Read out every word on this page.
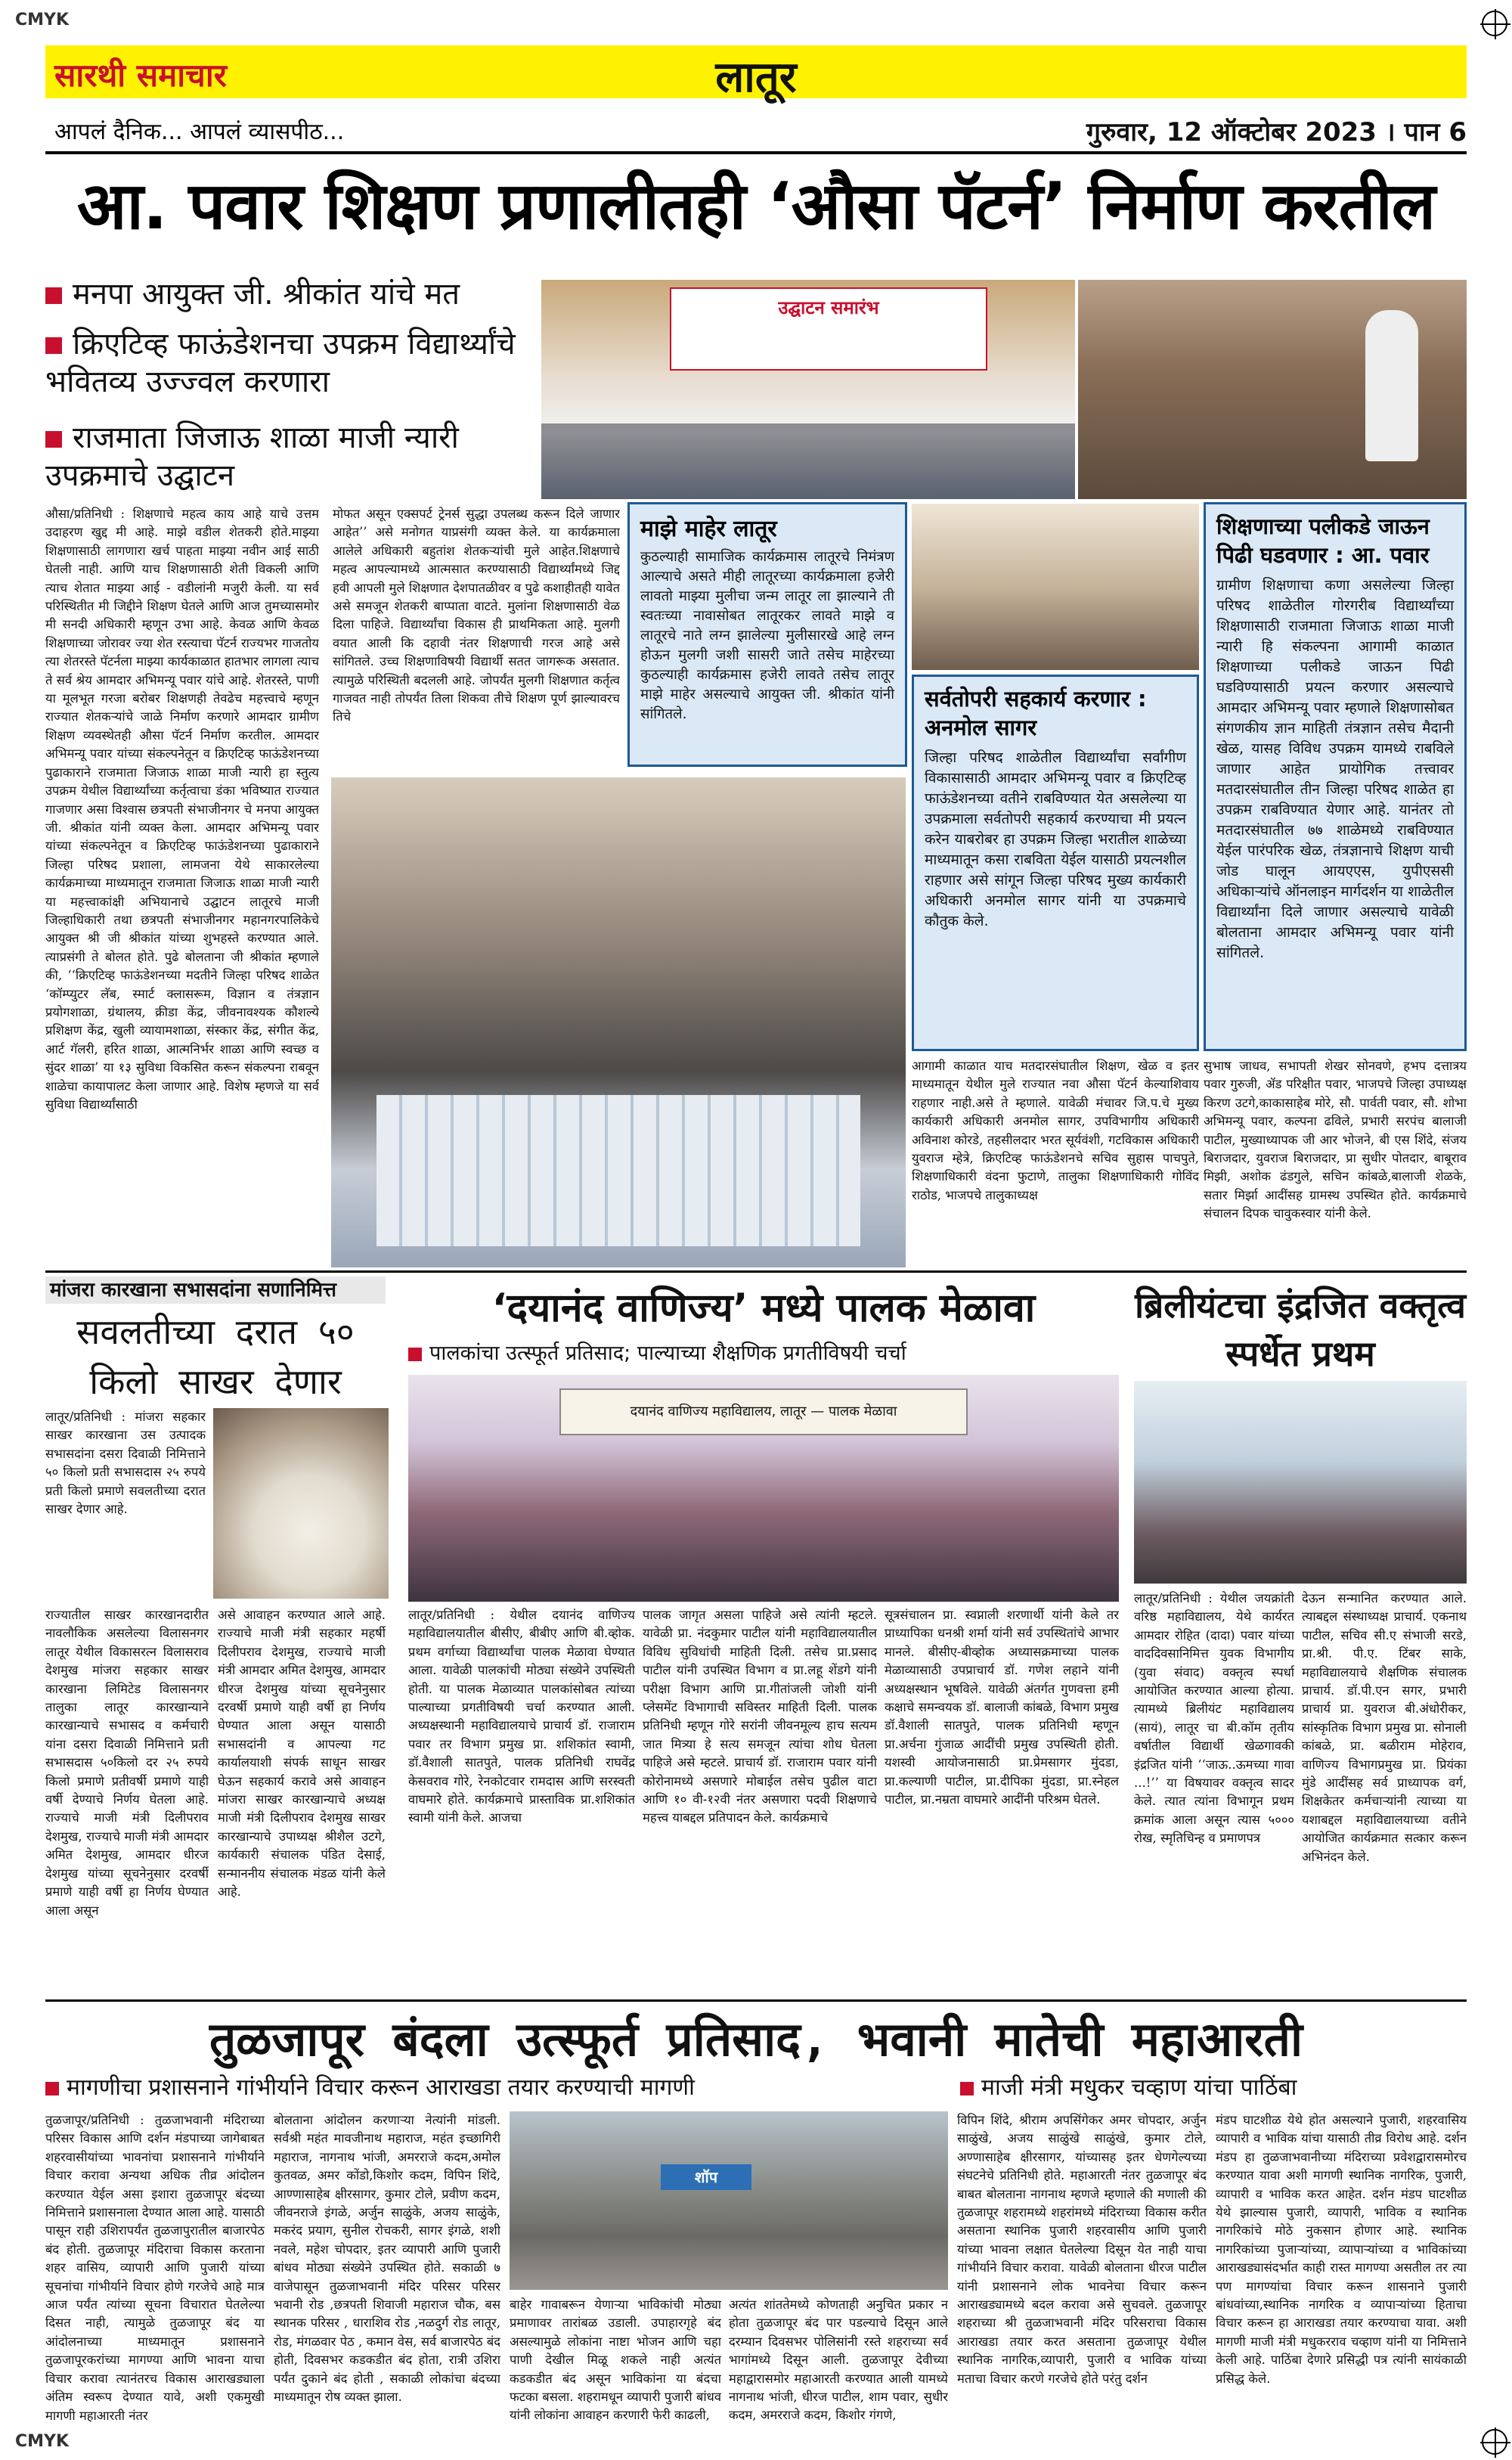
CMYK
CMYK
सारथी समाचार	लातूर
आपलं दैनिक... आपलं व्यासपीठ...	गुरुवार, 12 ऑक्टोबर 2023 । पान 6
आ. पवार शिक्षण प्रणालीतही ‘औसा पॅटर्न’ निर्माण करतील
मनपा आयुक्त जी. श्रीकांत यांचे मत
क्रिएटिव्ह फाऊंडेशनचा उपक्रम विद्यार्थ्यांचे भवितव्य उज्ज्वल करणारा
राजमाता जिजाऊ शाळा माजी न्यारी उपक्रमाचे उद्घाटन
उद्घाटन समारंभ
औसा/प्रतिनिधी : शिक्षणाचे महत्व काय आहे याचे उत्तम उदाहरण खुद्द मी आहे. माझे वडील शेतकरी होते.माझ्या शिक्षणासाठी लागणारा खर्च पाहता माझ्या नवीन आई साठी घेतली नाही. आणि याच शिक्षणासाठी शेती विकली आणि त्याच शेतात माझ्या आई - वडीलांनी मजुरी केली. या सर्व परिस्थितीत मी जिद्दीने शिक्षण घेतले आणि आज तुमच्यासमोर मी सनदी अधिकारी म्हणून उभा आहे. केवळ आणि केवळ शिक्षणाच्या जोरावर ज्या शेत रस्त्याचा पॅटर्न राज्यभर गाजतोय त्या शेतरस्ते पॅटर्नला माझ्या कार्यकाळात हातभार लागला त्याच ते सर्व श्रेय आमदार अभिमन्यू पवार यांचे आहे. शेतरस्ते, पाणी या मूलभूत गरजा बरोबर शिक्षणही तेवढेच महत्त्वाचे म्हणून राज्यात शेतकऱ्यांचे जाळे निर्माण करणारे आमदार ग्रामीण शिक्षण व्यवस्थेतही औसा पॅटर्न निर्माण करतील. आमदार अभिमन्यू पवार यांच्या संकल्पनेतून व क्रिएटिव्ह फाऊंडेशनच्या पुढाकाराने राजमाता जिजाऊ शाळा माजी न्यारी हा स्तुत्य उपक्रम येथील विद्यार्थ्यांच्या कर्तृत्वाचा डंका भविष्यात राज्यात गाजणार असा विश्वास छत्रपती संभाजीनगर चे मनपा आयुक्त जी. श्रीकांत यांनी व्यक्त केला. आमदार अभिमन्यू पवार यांच्या संकल्पनेतून व क्रिएटिव्ह फाऊंडेशनच्या पुढाकाराने जिल्हा परिषद प्रशाला, लामजना येथे साकारलेल्या कार्यक्रमाच्या माध्यमातून राजमाता जिजाऊ शाळा माजी न्यारी या महत्त्वाकांक्षी अभियानाचे उद्घाटन लातूरचे माजी जिल्हाधिकारी तथा छत्रपती संभाजीनगर महानगरपालिकेचे आयुक्त श्री जी श्रीकांत यांच्या शुभहस्ते करण्यात आले. त्याप्रसंगी ते बोलत होते. पुढे बोलताना जी श्रीकांत म्हणाले की, ‘‘क्रिएटिव्ह फाऊंडेशनच्या मदतीने जिल्हा परिषद शाळेत ‘कॉम्प्युटर लॅब, स्मार्ट क्लासरूम, विज्ञान व तंत्रज्ञान प्रयोगशाळा, ग्रंथालय, क्रीडा केंद्र, जीवनावश्यक कौशल्ये प्रशिक्षण केंद्र, खुली व्यायामशाळा, संस्कार केंद्र, संगीत केंद्र, आर्ट गॅलरी, हरित शाळा, आत्मनिर्भर शाळा आणि स्वच्छ व सुंदर शाळा’ या १३ सुविधा विकसित करून संकल्पना राबवून शाळेचा कायापालट केला जाणार आहे. विशेष म्हणजे या सर्व सुविधा विद्यार्थ्यांसाठी
मोफत असून एक्सपर्ट ट्रेनर्स सुद्धा उपलब्ध करून दिले जाणार आहेत’’ असे मनोगत याप्रसंगी व्यक्त केले. या कार्यक्रमाला आलेले अधिकारी बहुतांश शेतकऱ्यांची मुले आहेत.शिक्षणाचे महत्व आपल्यामध्ये आत्मसात करण्यासाठी विद्यार्थ्यांमध्ये जिद्द हवी आपली मुले शिक्षणात देशपातळीवर व पुढे कशाहीतही यावेत असे समजून शेतकरी बाप्पाता वाटते. मुलांना शिक्षणासाठी वेळ दिला पाहिजे. विद्यार्थ्यांचा विकास ही प्राथमिकता आहे. मुलगी वयात आली कि दहावी नंतर शिक्षणाची गरज आहे असे सांगितले. उच्च शिक्षणाविषयी विद्यार्थी सतत जागरूक असतात. त्यामुळे परिस्थिती बदलली आहे. जोपर्यंत मुलगी शिक्षणात कर्तृत्व गाजवत नाही तोपर्यंत तिला शिकवा तीचे शिक्षण पूर्ण झाल्यावरच तिचे
माझे माहेर लातूर
कुठल्याही सामाजिक कार्यक्रमास लातूरचे निमंत्रण आल्याचे असते मीही लातूरच्या कार्यक्रमाला हजेरी लावतो माझ्या मुलीचा जन्म लातूर ला झाल्याने ती स्वतःच्या नावासोबत लातूरकर लावते माझे व लातूरचे नाते लग्न झालेल्या मुलीसारखे आहे लग्न होऊन मुलगी जशी सासरी जाते तसेच माहेरच्या कुठल्याही कार्यक्रमास हजेरी लावते तसेच लातूर माझे माहेर असल्याचे आयुक्त जी. श्रीकांत यांनी सांगितले.
सर्वतोपरी सहकार्य करणार : अनमोल सागर
जिल्हा परिषद शाळेतील विद्यार्थ्यांचा सर्वांगीण विकासासाठी आमदार अभिमन्यू पवार व क्रिएटिव्ह फाऊंडेशनच्या वतीने राबविण्यात येत असलेल्या या उपक्रमाला सर्वतोपरी सहकार्य करण्याचा मी प्रयत्न करेन याबरोबर हा उपक्रम जिल्हा भरातील शाळेच्या माध्यमातून कसा राबविता येईल यासाठी प्रयत्नशील राहणार असे सांगून जिल्हा परिषद मुख्य कार्यकारी अधिकारी अनमोल सागर यांनी या उपक्रमाचे कौतुक केले.
शिक्षणाच्या पलीकडे जाऊन पिढी घडवणार : आ. पवार
ग्रामीण शिक्षणाचा कणा असलेल्या जिल्हा परिषद शाळेतील गोरगरीब विद्यार्थ्यांच्या शिक्षणासाठी राजमाता जिजाऊ शाळा माजी न्यारी हि संकल्पना आगामी काळात शिक्षणाच्या पलीकडे जाऊन पिढी घडविण्यासाठी प्रयत्न करणार असल्याचे आमदार अभिमन्यू पवार म्हणाले शिक्षणासोबत संगणकीय ज्ञान माहिती तंत्रज्ञान तसेच मैदानी खेळ, यासह विविध उपक्रम यामध्ये राबविले जाणार आहेत प्रायोगिक तत्त्वावर मतदारसंघातील तीन जिल्हा परिषद शाळेत हा उपक्रम राबविण्यात येणार आहे. यानंतर तो मतदारसंघातील ७७ शाळेमध्ये राबविण्यात येईल पारंपरिक खेळ, तंत्रज्ञानाचे शिक्षण याची जोड घालून आयएएस, युपीएससी अधिकाऱ्यांचे ऑनलाइन मार्गदर्शन या शाळेतील विद्यार्थ्यांना दिले जाणार असल्याचे यावेळी बोलताना आमदार अभिमन्यू पवार यांनी सांगितले.
आगामी काळात याच मतदारसंघातील शिक्षण, खेळ व इतर माध्यमातून येथील मुले राज्यात नवा औसा पॅटर्न केल्याशिवाय राहणार नाही.असे ते म्हणाले. यावेळी मंचावर जि.प.चे मुख्य कार्यकारी अधिकारी अनमोल सागर, उपविभागीय अधिकारी अविनाश कोरडे, तहसीलदार भरत सूर्यवंशी, गटविकास अधिकारी युवराज म्हेत्रे, क्रिएटिव्ह फाऊंडेशनचे सचिव सुहास पाचपुते, शिक्षणाधिकारी वंदना फुटाणे, तालुका शिक्षणाधिकारी गोविंद राठोड, भाजपचे तालुकाध्यक्ष
सुभाष जाधव, सभापती शेखर सोनवणे, हभप दत्तात्रय पवार गुरुजी, ॲड परिक्षीत पवार, भाजपचे जिल्हा उपाध्यक्ष किरण उटगे,काकासाहेब मोरे, सौ. पार्वती पवार, सौ. शोभा अभिमन्यू पवार, कल्पना ढविले, प्रभारी सरपंच बालाजी पाटील, मुख्याध्यापक जी आर भोजने, बी एस शिंदे, संजय बिराजदार, युवराज बिराजदार, प्रा सुधीर पोतदार, बाबूराव मिझी, अशोक ढंडगुले, सचिन कांबळे,बालाजी शेळके, सतार मिर्झा आदींसह ग्रामस्थ उपस्थित होते. कार्यक्रमाचे संचालन दिपक चावुकस्वार यांनी केले.
मांजरा कारखाना सभासदांना सणानिमित्त
सवलतीच्या दरात ५० किलो साखर देणार
लातूर/प्रतिनिधी : मांजरा सहकार साखर कारखाना उस उत्पादक सभासदांना दसरा दिवाळी निमित्ताने ५० किलो प्रती सभासदास २५ रुपये प्रती किलो प्रमाणे सवलतीच्या दरात साखर देणार आहे.
राज्यातील साखर कारखानदारीत नावलौकिक असलेल्या विलासनगर लातूर येथील विकासरत्न विलासराव देशमुख मांजरा सहकार साखर कारखाना लिमिटेड विलासनगर तालुका लातूर कारखान्याने कारखान्याचे सभासद व कर्मचारी यांना दसरा दिवाळी निमित्ताने प्रती सभासदास ५०किलो दर २५ रुपये किलो प्रमाणे प्रतीवर्षी प्रमाणे याही वर्षी देण्याचे निर्णय घेतला आहे. राज्याचे माजी मंत्री दिलीपराव देशमुख, राज्याचे माजी मंत्री आमदार अमित देशमुख, आमदार धीरज देशमुख यांच्या सूचनेनुसार दरवर्षी प्रमाणे याही वर्षी हा निर्णय घेण्यात आला असून
असे आवाहन करण्यात आले आहे. राज्याचे माजी मंत्री सहकार महर्षी दिलीपराव देशमुख, राज्याचे माजी मंत्री आमदार अमित देशमुख, आमदार धीरज देशमुख यांच्या सूचनेनुसार दरवर्षी प्रमाणे याही वर्षी हा निर्णय घेण्यात आला असून यासाठी सभासदांनी व आपल्या गट कार्यालयाशी संपर्क साधून साखर घेऊन सहकार्य करावे असे आवाहन मांजरा साखर कारखान्याचे अध्यक्ष माजी मंत्री दिलीपराव देशमुख साखर कारखान्याचे उपाध्यक्ष श्रीशैल उटगे, कार्यकारी संचालक पंडित देसाई, सन्माननीय संचालक मंडळ यांनी केले आहे.
‘दयानंद वाणिज्य’ मध्ये पालक मेळावा
पालकांचा उत्स्फूर्त प्रतिसाद; पाल्याच्या शैक्षणिक प्रगतीविषयी चर्चा
दयानंद वाणिज्य महाविद्यालय, लातूर — पालक मेळावा
लातूर/प्रतिनिधी : येथील दयानंद वाणिज्य महाविद्यालयातील बीसीए, बीबीए आणि बी.व्होक. प्रथम वर्गाच्या विद्यार्थ्यांचा पालक मेळावा घेण्यात आला. यावेळी पालकांची मोठ्या संख्येने उपस्थिती होती. या पालक मेळाव्यात पालकांसोबत त्यांच्या पाल्याच्या प्रगतीविषयी चर्चा करण्यात आली. अध्यक्षस्थानी महाविद्यालयाचे प्राचार्य डॉ. राजाराम पवार तर विभाग प्रमुख प्रा. शशिकांत स्वामी, डॉ.वैशाली सातपुते, पालक प्रतिनिधी राघवेंद्र केसवराव गोरे, रेनकोटवार रामदास आणि सरस्वती वाघमारे होते. कार्यक्रमाचे प्रास्ताविक प्रा.शशिकांत स्वामी यांनी केले. आजचा
पालक जागृत असला पाहिजे असे त्यांनी म्हटले. यावेळी प्रा. नंदकुमार पाटील यांनी महाविद्यालयातील विविध सुविधांची माहिती दिली. तसेच प्रा.प्रसाद पाटील यांनी उपस्थित विभाग व प्रा.लहू शेंडगे यांनी परीक्षा विभाग आणि प्रा.गीतांजली जोशी यांनी प्लेसमेंट विभागाची सविस्तर माहिती दिली. पालक प्रतिनिधी म्हणून गोरे सरांनी जीवनमूल्य हाच सत्यम जात मित्र्या हे सत्य समजून त्यांचा शोध घेतला पाहिजे असे म्हटले. प्राचार्य डॉ. राजाराम पवार यांनी कोरोनामध्ये असणारे मोबाईल तसेच पुढील वाटा आणि १० वी-१२वी नंतर असणारा पदवी शिक्षणाचे महत्त्व याबद्दल प्रतिपादन केले. कार्यक्रमाचे
सूत्रसंचालन प्रा. स्वप्नाली शरणार्थी यांनी केले तर प्राध्यापिका धनश्री शर्मा यांनी सर्व उपस्थितांचे आभार मानले. बीसीए-बीव्होक अध्यासक्रमाच्या पालक मेळाव्यासाठी उपप्राचार्य डॉ. गणेश लहाने यांनी अध्यक्षस्थान भूषविले. यावेळी अंतर्गत गुणवत्ता हमी कक्षाचे समन्वयक डॉ. बालाजी कांबळे, विभाग प्रमुख डॉ.वैशाली सातपुते, पालक प्रतिनिधी म्हणून प्रा.अर्चना गुंजाळ आदींची प्रमुख उपस्थिती होती. यशस्वी आयोजनासाठी प्रा.प्रेमसागर मुंदडा, प्रा.कल्याणी पाटील, प्रा.दीपिका मुंदडा, प्रा.स्नेहल पाटील, प्रा.नम्रता वाघमारे आदींनी परिश्रम घेतले.
ब्रिलीयंटचा इंद्रजित वक्तृत्व स्पर्धेत प्रथम
लातूर/प्रतिनिधी : येथील जयक्रांती वरिष्ठ महाविद्यालय, येथे कार्यरत आमदार रोहित (दादा) पवार यांच्या वाददिवसानिमित्त युवक विभागीय (युवा संवाद) वक्तृत्व स्पर्धा आयोजित करण्यात आल्या होत्या. त्यामध्ये ब्रिलीयंट महाविद्यालय (सायं), लातूर चा बी.कॉम तृतीय वर्षातील विद्यार्थी खेळगावकी इंद्रजित यांनी ‘‘जाऊ..ऊमच्या गावा ...!’’ या विषयावर वक्तृत्व सादर केले. त्यात त्यांना विभागून प्रथम क्रमांक आला असून त्यास ५००० रोख, स्मृतिचिन्ह व प्रमाणपत्र
देऊन सन्मानित करण्यात आले. त्याबद्दल संस्थाध्यक्ष प्राचार्य. एकनाथ पाटील, सचिव सी.ए संभाजी सरडे, प्रा.श्री. पी.ए. टिंबर साके, महाविद्यालयाचे शैक्षणिक संचालक प्राचार्य. डॉ.पी.एन सगर, प्रभारी प्राचार्य प्रा. युवराज बी.अंधोरीकर, सांस्कृतिक विभाग प्रमुख प्रा. सोनाली कांबळे, प्रा. बळीराम मोहेराव, वाणिज्य विभागप्रमुख प्रा. प्रियंका मुंडे आदींसह सर्व प्राध्यापक वर्ग, शिक्षकेतर कर्मचाऱ्यांनी त्याच्या या यशाबद्दल महाविद्यालयाच्या वतीने आयोजित कार्यक्रमात सत्कार करून अभिनंदन केले.
तुळजापूर बंदला उत्स्फूर्त प्रतिसाद, भवानी मातेची महाआरती
मागणीचा प्रशासनाने गांभीर्याने विचार करून आराखडा तयार करण्याची मागणी	माजी मंत्री मधुकर चव्हाण यांचा पाठिंबा
तुळजापूर/प्रतिनिधी : तुळजाभवानी मंदिराच्या परिसर विकास आणि दर्शन मंडपाच्या जागेबाबत शहरवासीयांच्या भावनांचा प्रशासनाने गांभीर्याने विचार करावा अन्यथा अधिक तीव्र आंदोलन करण्यात येईल असा इशारा तुळजापूर बंदच्या निमित्ताने प्रशासनाला देण्यात आला आहे. यासाठी पासून राही उशिरापर्यंत तुळजापुरातील बाजारपेठ बंद होती. तुळजापूर मंदिराचा विकास करताना शहर वासिय, व्यापारी आणि पुजारी यांच्या सूचनांचा गांभीर्याने विचार होणे गरजेचे आहे मात्र आज पर्यंत त्यांच्या सूचना विचारात घेतलेल्या दिसत नाही, त्यामुळे तुळजापूर बंद या आंदोलनाच्या माध्यमातून प्रशासनाने तुळजापूरकरांच्या मागण्या आणि भावना याचा विचार करावा त्यानंतरच विकास आराखड्याला अंतिम स्वरूप देण्यात यावे, अशी एकमुखी मागणी महाआरती नंतर
बोलताना आंदोलन करणाऱ्या नेत्यांनी मांडली. सर्वश्री महंत मावजीनाथ महाराज, महंत इच्छागिरी महाराज, नागनाथ भांजी, अमरराजे कदम,अमोल कुतवळ, अमर कोंडो,किशोर कदम, विपिन शिंदे, आण्णासाहेब क्षीरसागर, कुमार टोले, प्रवीण कदम, जीवनराजे इंगळे, अर्जुन साळुंके, अजय साळुंके, मकरंद प्रयाग, सुनील रोचकरी, सागर इंगळे, शशी नवले, महेश चोपदार, इतर व्यापारी आणि पुजारी बांधव मोठ्या संख्येने उपस्थित होते. सकाळी ७ वाजेपासून तुळजाभवानी मंदिर परिसर परिसर भवानी रोड ,छत्रपती शिवाजी महाराज चौक, बस स्थानक परिसर , धाराशिव रोड ,नळदुर्ग रोड लातूर, रोड, मंगळवार पेठ , कमान वेस, सर्व बाजारपेठ बंद होती, दिवसभर कडकडीत बंद होता, रात्री उशिरा पर्यंत दुकाने बंद होती , सकाळी लोकांचा बंदच्या माध्यमातून रोष व्यक्त झाला.
शॉप
बाहेर गावाबरून येणाऱ्या भाविकांची मोठ्या प्रमाणावर तारांबळ उडाली. उपाहारगृहे बंद असल्यामुळे लोकांना नाष्टा भोजन आणि चहा पाणी देखील मिळू शकले नाही अत्यंत कडकडीत बंद असून भाविकांना या बंदचा फटका बसला. शहरामधून व्यापारी पुजारी बांधव यांनी लोकांना आवाहन करणारी फेरी काढली,
अत्यंत शांततेमध्ये कोणताही अनुचित प्रकार न होता तुळजापूर बंद पार पडल्याचे दिसून आले दरम्यान दिवसभर पोलिसांनी रस्ते शहराच्या सर्व भागांमध्ये दिसून आली. तुळजापूर देवीच्या महाद्वारासमोर महाआरती करण्यात आली यामध्ये नागनाथ भांजी, धीरज पाटील, शाम पवार, सुधीर कदम, अमरराजे कदम, किशोर गंगणे,
विपिन शिंदे, श्रीराम अपसिंगेकर अमर चोपदार, अर्जुन साळुंखे, अजय साळुंखे साळुंखे, कुमार टोले, अण्णासाहेब क्षीरसागर, यांच्यासह इतर धेणगेल्यच्या संघटनेचे प्रतिनिधी होते. महाआरती नंतर तुळजापूर बंद बाबत बोलताना नागनाथ म्हणजे म्हणाले की मणाली की तुळजापूर शहरामध्ये शहरांमध्ये मंदिराच्या विकास करीत असताना स्थानिक पुजारी शहरवासीय आणि पुजारी यांच्या भावना लक्षात घेतलेल्या दिसून येत नाही याचा गांभीर्याने विचार करावा. यावेळी बोलताना धीरज पाटील यांनी प्रशासनाने लोक भावनेचा विचार करून आराखड्यामध्ये बदल करावा असे सुचवले. तुळजापूर शहराच्या श्री तुळजाभवानी मंदिर परिसराचा विकास आराखडा तयार करत असताना तुळजापूर येथील स्थानिक नागरिक,व्यापारी, पुजारी व भाविक यांच्या मताचा विचार करणे गरजेचे होते परंतु दर्शन
मंडप घाटशीळ येथे होत असल्याने पुजारी, शहरवासिय व्यापारी व भाविक यांचा यासाठी तीव्र विरोध आहे. दर्शन मंडप हा तुळजाभवानीच्या मंदिराच्या प्रवेशद्वारासमोरच करण्यात यावा अशी मागणी स्थानिक नागरिक, पुजारी, व्यापारी व भाविक करत आहेत. दर्शन मंडप घाटशीळ येथे झाल्यास पुजारी, व्यापारी, भाविक व स्थानिक नागरिकांचे मोठे नुकसान होणार आहे. स्थानिक नागरिकांच्या पुजाऱ्यांच्या, व्यापाऱ्यांच्या व भाविकांच्या आराखड्यासंदर्भात काही रास्त मागण्या असतील तर त्या पण मागण्यांचा विचार करून शासनाने पुजारी बांधवांच्या,स्थानिक नागरिक व व्यापाऱ्यांच्या हिताचा विचार करून हा आराखडा तयार करण्याचा यावा. अशी मागणी माजी मंत्री मधुकरराव चव्हाण यांनी या निमित्ताने केली आहे. पाठिंबा देणारे प्रसिद्धी पत्र त्यांनी सायंकाळी प्रसिद्ध केले.
